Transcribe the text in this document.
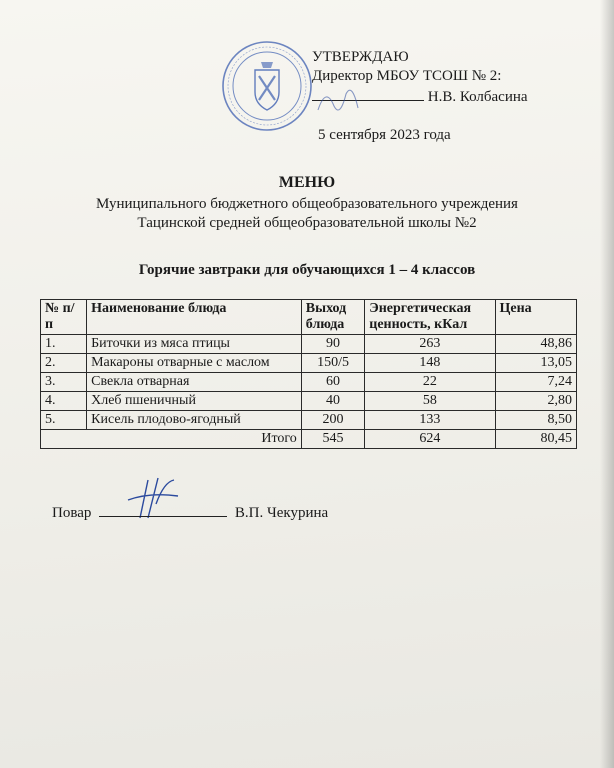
УТВЕРЖДАЮ
Директор МБОУ ТСОШ № 2:
Н.В. Колбасина
5 сентября 2023 года
МЕНЮ
Муниципального бюджетного общеобразовательного учреждения
Тацинской средней общеобразовательной школы №2
Горячие завтраки для обучающихся 1 – 4 классов
№ п/п	Наименование блюда	Выход блюда	Энергетическая ценность, кКал	Цена
1.	Биточки из мяса птицы	90	263	48,86
2.	Макароны отварные с маслом	150/5	148	13,05
3.	Свекла отварная	60	22	7,24
4.	Хлеб пшеничный	40	58	2,80
5.	Кисель плодово-ягодный	200	133	8,50
Итого		545	624	80,45
Повар	В.П. Чекурина
